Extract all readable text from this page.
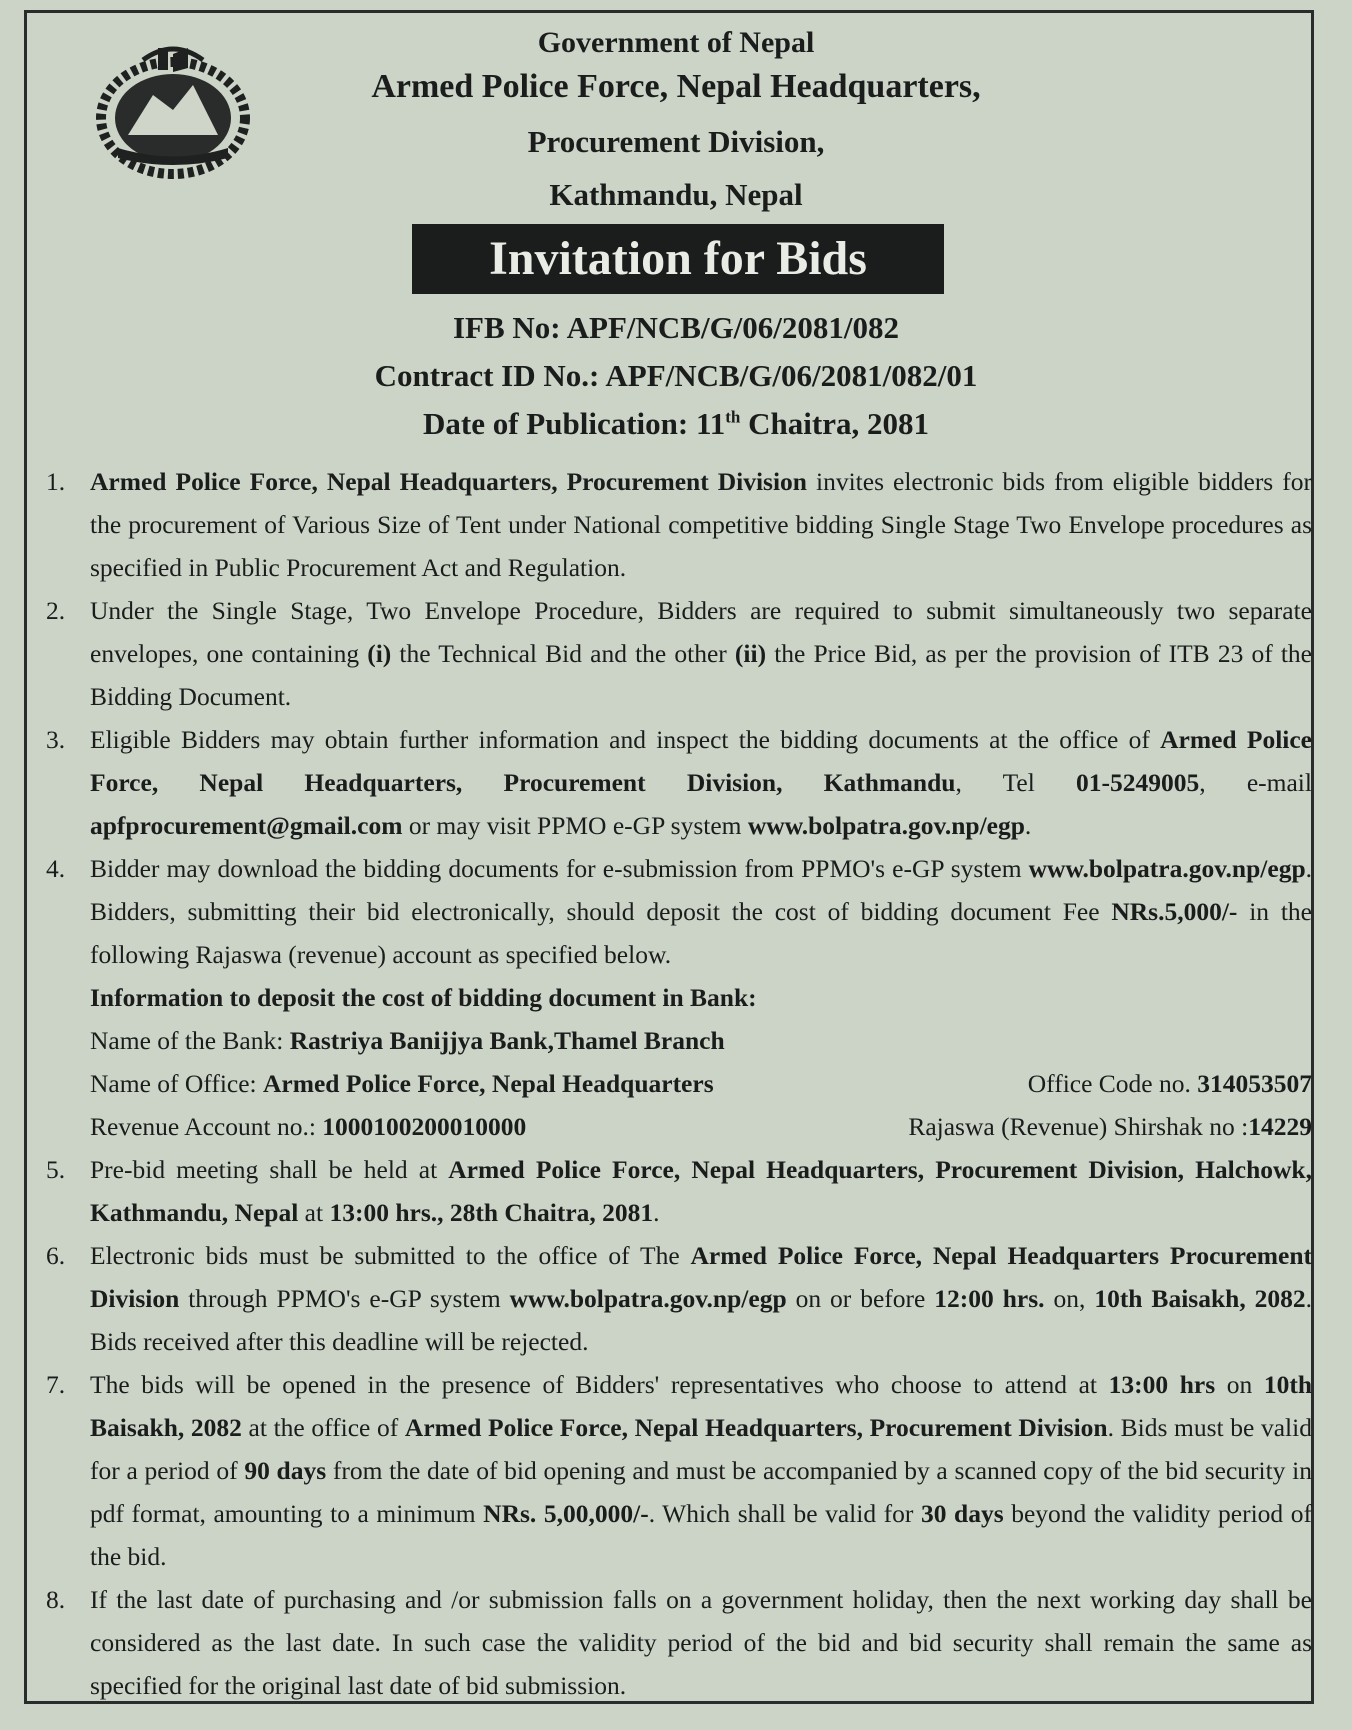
Government of Nepal
Armed Police Force, Nepal Headquarters,
Procurement Division,
Kathmandu, Nepal
Invitation for Bids
IFB No: APF/NCB/G/06/2081/082
Contract ID No.: APF/NCB/G/06/2081/082/01
Date of Publication: 11th Chaitra, 2081
1. Armed Police Force, Nepal Headquarters, Procurement Division invites electronic bids from eligible bidders for the procurement of Various Size of Tent under National competitive bidding Single Stage Two Envelope procedures as specified in Public Procurement Act and Regulation.
2. Under the Single Stage, Two Envelope Procedure, Bidders are required to submit simultaneously two separate envelopes, one containing (i) the Technical Bid and the other (ii) the Price Bid, as per the provision of ITB 23 of the Bidding Document.
3. Eligible Bidders may obtain further information and inspect the bidding documents at the office of Armed Police Force, Nepal Headquarters, Procurement Division, Kathmandu, Tel 01-5249005, e-mail apfprocurement@gmail.com or may visit PPMO e-GP system www.bolpatra.gov.np/egp.
4. Bidder may download the bidding documents for e-submission from PPMO's e-GP system www.bolpatra.gov.np/egp. Bidders, submitting their bid electronically, should deposit the cost of bidding document Fee NRs.5,000/- in the following Rajaswa (revenue) account as specified below.
Information to deposit the cost of bidding document in Bank:
Name of the Bank: Rastriya Banijjya Bank,Thamel Branch
Name of Office: Armed Police Force, Nepal Headquarters	Office Code no. 314053507
Revenue Account no.: 1000100200010000	Rajaswa (Revenue) Shirshak no :14229
5. Pre-bid meeting shall be held at Armed Police Force, Nepal Headquarters, Procurement Division, Halchowk, Kathmandu, Nepal at 13:00 hrs., 28th Chaitra, 2081.
6. Electronic bids must be submitted to the office of The Armed Police Force, Nepal Headquarters Procurement Division through PPMO's e-GP system www.bolpatra.gov.np/egp on or before 12:00 hrs. on, 10th Baisakh, 2082. Bids received after this deadline will be rejected.
7. The bids will be opened in the presence of Bidders' representatives who choose to attend at 13:00 hrs on 10th Baisakh, 2082 at the office of Armed Police Force, Nepal Headquarters, Procurement Division. Bids must be valid for a period of 90 days from the date of bid opening and must be accompanied by a scanned copy of the bid security in pdf format, amounting to a minimum NRs. 5,00,000/-. Which shall be valid for 30 days beyond the validity period of the bid.
8. If the last date of purchasing and /or submission falls on a government holiday, then the next working day shall be considered as the last date. In such case the validity period of the bid and bid security shall remain the same as specified for the original last date of bid submission.
